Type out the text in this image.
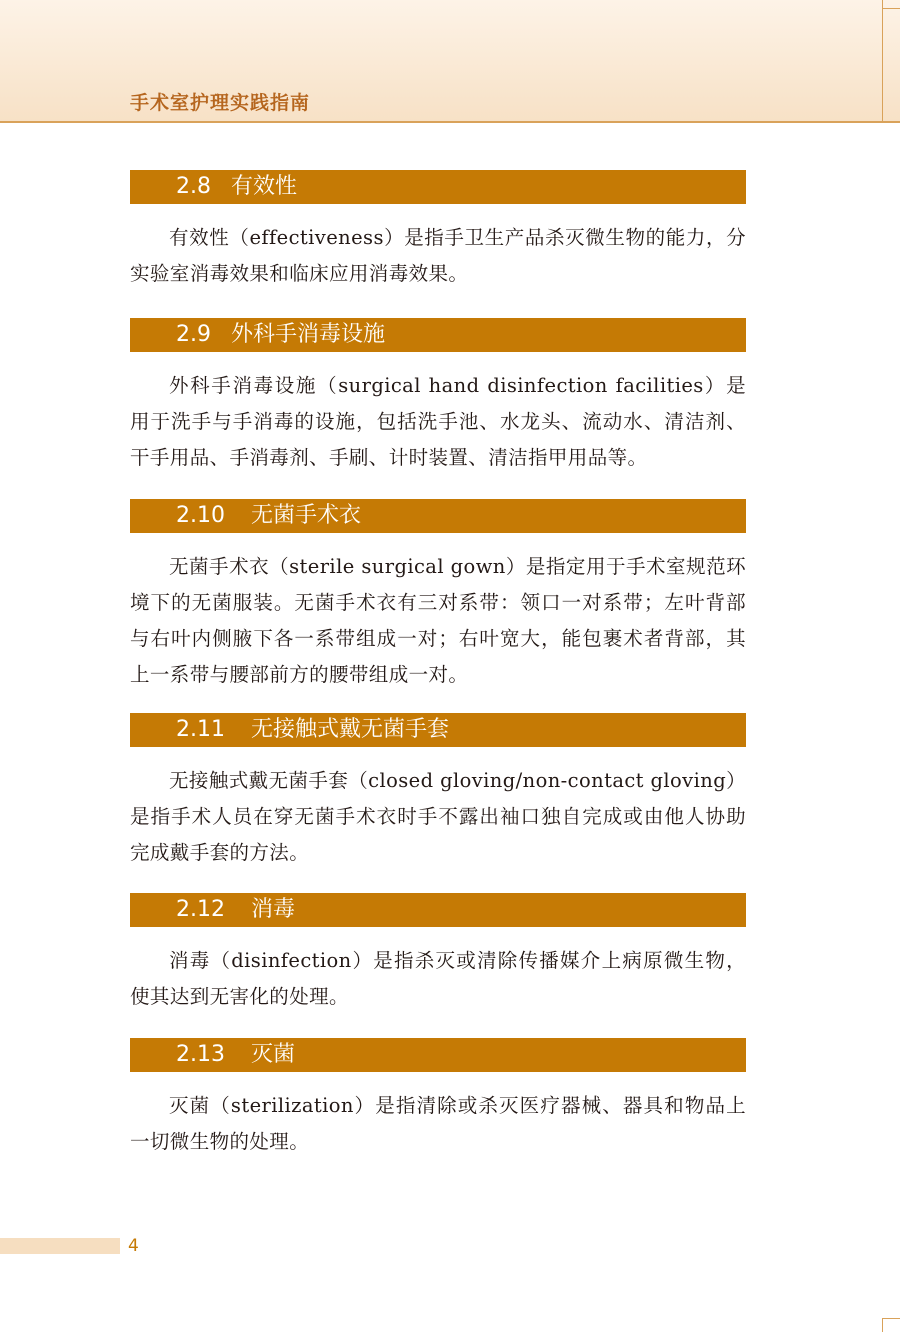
手术室护理实践指南
2.8 有效性

有效性（effectiveness）是指手卫生产品杀灭微生物的能力，分实验室消毒效果和临床应用消毒效果。

2.9 外科手消毒设施

外科手消毒设施（surgical hand disinfection facilities）是用于洗手与手消毒的设施，包括洗手池、水龙头、流动水、清洁剂、干手用品、手消毒剂、手刷、计时装置、清洁指甲用品等。

2.10 无菌手术衣

无菌手术衣（sterile surgical gown）是指定用于手术室规范环境下的无菌服装。无菌手术衣有三对系带：领口一对系带；左叶背部与右叶内侧腋下各一系带组成一对；右叶宽大，能包裹术者背部，其上一系带与腰部前方的腰带组成一对。

2.11 无接触式戴无菌手套

无接触式戴无菌手套（closed gloving/non-contact gloving）是指手术人员在穿无菌手术衣时手不露出袖口独自完成或由他人协助完成戴手套的方法。

2.12 消毒

消毒（disinfection）是指杀灭或清除传播媒介上病原微生物，使其达到无害化的处理。

2.13 灭菌

灭菌（sterilization）是指清除或杀灭医疗器械、器具和物品上一切微生物的处理。

4
